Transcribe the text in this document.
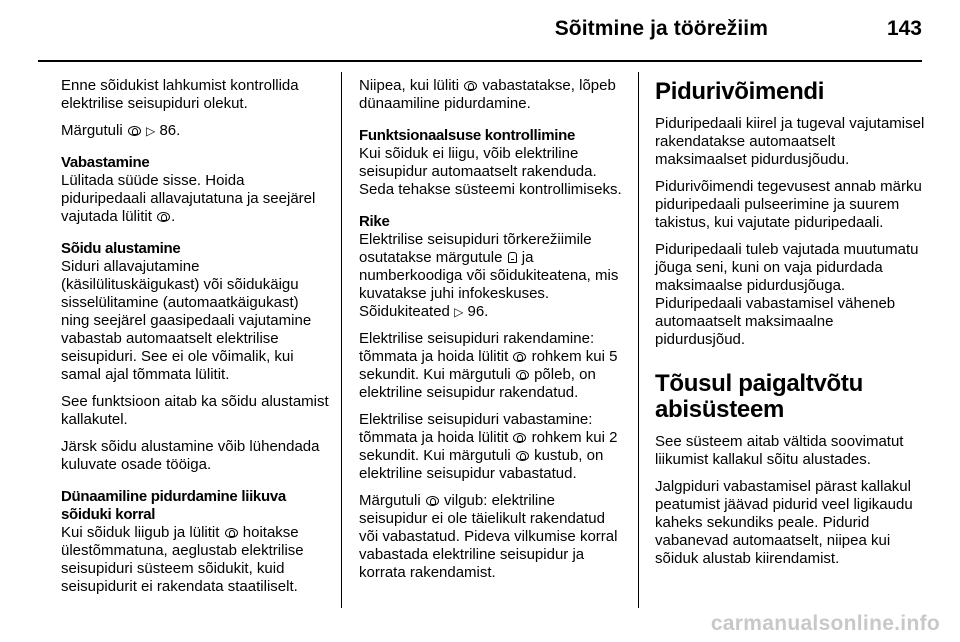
Sõitmine ja töörežiim	143

Enne sõidukist lahkumist kontrollida elektrilise seisupiduri olekut.

Märgutuli ▷ 86.

Vabastamine
Lülitada süüde sisse. Hoida piduripedaali allavajutatuna ja seejärel vajutada lülitit .

Sõidu alustamine
Siduri allavajutamine (käsilülituskäigukast) või sõidukäigu sisselülitamine (automaatkäigukast) ning seejärel gaasipedaali vajutamine vabastab automaatselt elektrilise seisupiduri. See ei ole võimalik, kui samal ajal tõmmata lülitit.

See funktsioon aitab ka sõidu alustamist kallakutel.

Järsk sõidu alustamine võib lühendada kuluvate osade tööiga.

Dünaamiline pidurdamine liikuva sõiduki korral
Kui sõiduk liigub ja lülitit hoitakse ülestõmmatuna, aeglustab elektrilise seisupiduri süsteem sõidukit, kuid seisupidurit ei rakendata staatiliselt.

Niipea, kui lüliti vabastatakse, lõpeb dünaamiline pidurdamine.

Funktsionaalsuse kontrollimine
Kui sõiduk ei liigu, võib elektriline seisupidur automaatselt rakenduda. Seda tehakse süsteemi kontrollimiseks.

Rike
Elektrilise seisupiduri tõrkerežiimile osutatakse märgutule ja numberkoodiga või sõidukiteatena, mis kuvatakse juhi infokeskuses. Sõidukiteated ▷ 96.

Elektrilise seisupiduri rakendamine: tõmmata ja hoida lülitit rohkem kui 5 sekundit. Kui märgutuli põleb, on elektriline seisupidur rakendatud.

Elektrilise seisupiduri vabastamine: tõmmata ja hoida lülitit rohkem kui 2 sekundit. Kui märgutuli kustub, on elektriline seisupidur vabastatud.

Märgutuli vilgub: elektriline seisupidur ei ole täielikult rakendatud või vabastatud. Pideva vilkumise korral vabastada elektriline seisupidur ja korrata rakendamist.

Pidurivõimendi

Piduripedaali kiirel ja tugeval vajutamisel rakendatakse automaatselt maksimaalset pidurdusjõudu.

Pidurivõimendi tegevusest annab märku piduripedaali pulseerimine ja suurem takistus, kui vajutate piduripedaali.

Piduripedaali tuleb vajutada muutumatu jõuga seni, kuni on vaja pidurdada maksimaalse pidurdusjõuga. Piduripedaali vabastamisel väheneb automaatselt maksimaalne pidurdusjõud.

Tõusul paigaltvõtu abisüsteem

See süsteem aitab vältida soovimatut liikumist kallakul sõitu alustades.

Jalgpiduri vabastamisel pärast kallakul peatumist jäävad pidurid veel ligikaudu kaheks sekundiks peale. Pidurid vabanevad automaatselt, niipea kui sõiduk alustab kiirendamist.

carmanualsonline.info
